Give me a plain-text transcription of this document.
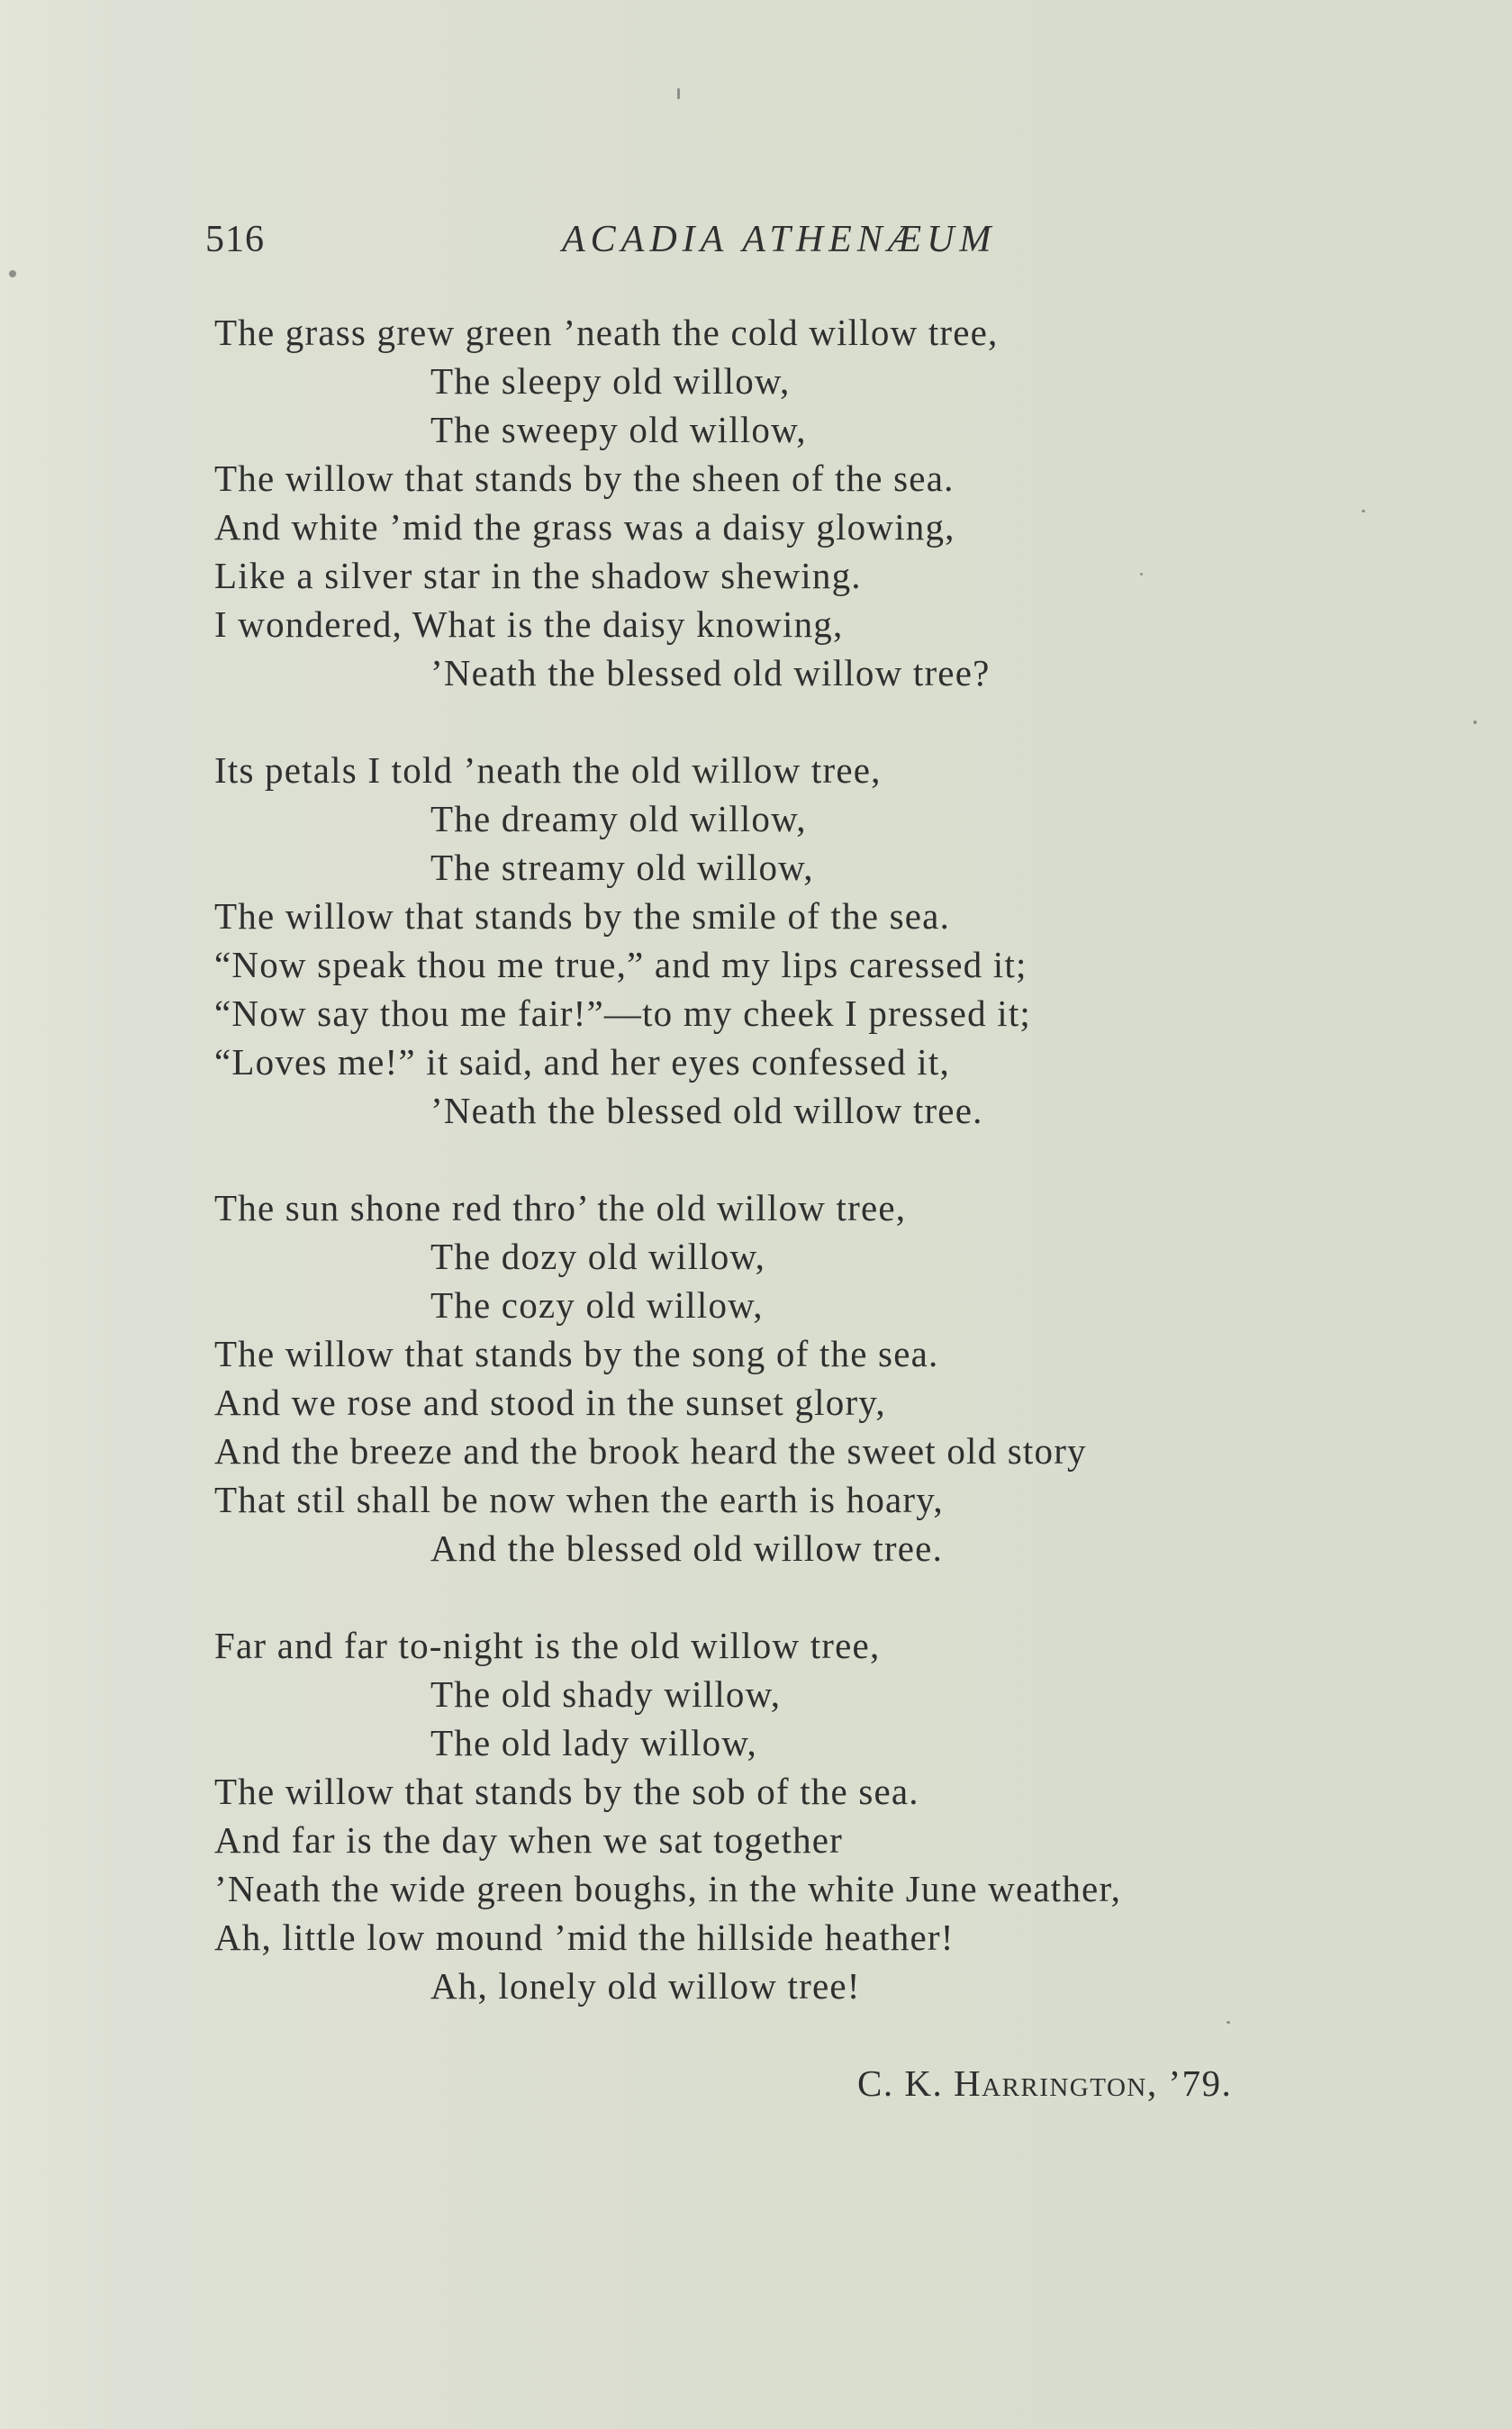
516	ACADIA ATHENÆUM
The grass grew green ’neath the cold willow tree,
The sleepy old willow,
The sweepy old willow,
The willow that stands by the sheen of the sea.
And white ’mid the grass was a daisy glowing,
Like a silver star in the shadow shewing.
I wondered, What is the daisy knowing,
’Neath the blessed old willow tree?
Its petals I told ’neath the old willow tree,
The dreamy old willow,
The streamy old willow,
The willow that stands by the smile of the sea.
“Now speak thou me true,” and my lips caressed it;
“Now say thou me fair!”—to my cheek I pressed it;
“Loves me!” it said, and her eyes confessed it,
’Neath the blessed old willow tree.
The sun shone red thro’ the old willow tree,
The dozy old willow,
The cozy old willow,
The willow that stands by the song of the sea.
And we rose and stood in the sunset glory,
And the breeze and the brook heard the sweet old story
That stil shall be now when the earth is hoary,
And the blessed old willow tree.
Far and far to-night is the old willow tree,
The old shady willow,
The old lady willow,
The willow that stands by the sob of the sea.
And far is the day when we sat together
’Neath the wide green boughs, in the white June weather,
Ah, little low mound ’mid the hillside heather!
Ah, lonely old willow tree!
C. K. Harrington, ’79.
